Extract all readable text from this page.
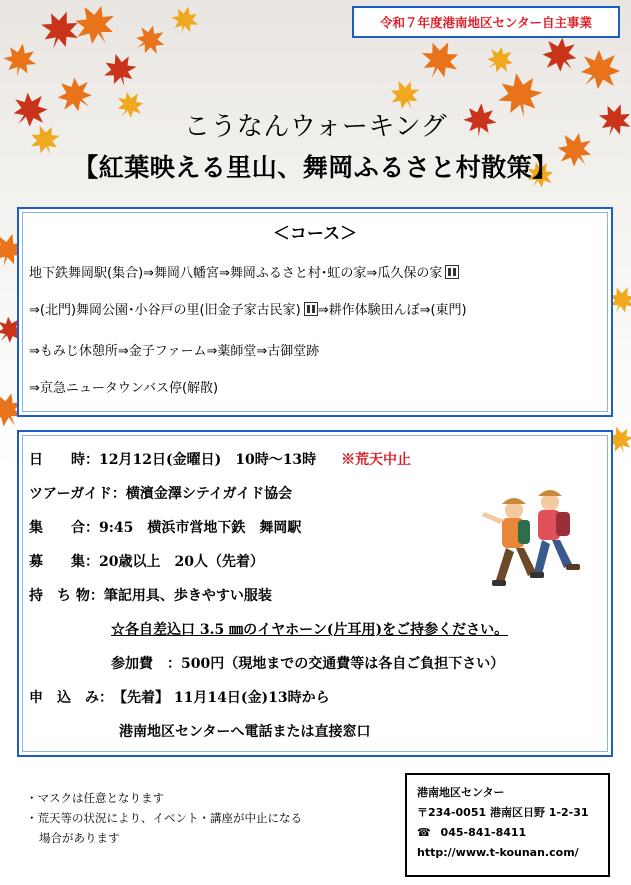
令和７年度港南地区センター自主事業
こうなんウォーキング
【紅葉映える里山、舞岡ふるさと村散策】
＜コース＞
地下鉄舞岡駅(集合)⇒舞岡八幡宮⇒舞岡ふるさと村･虹の家⇒瓜久保の家
⇒(北門)舞岡公園･小谷戸の里(旧金子家古民家) ⇒耕作体験田んぼ⇒(東門)
⇒もみじ休憩所⇒金子ファーム⇒薬師堂⇒古御堂跡
⇒京急ニュータウンバス停(解散)
日　　時：12月12日(金曜日)　10時～13時 ※荒天中止
ツアーガイド：横濱金澤シテイガイド協会
集　　合：9:45　横浜市営地下鉄　舞岡駅
募　　集：20歳以上　20人（先着）
持　ち 物：筆記用具、歩きやすい服装
☆各自差込口 3.5 ㎜のイヤホーン(片耳用)をご持参ください。
参加費　：500円（現地までの交通費等は各自ご負担下さい）
申　込　み：【先着】 11月14日(金)13時から
港南地区センターへ電話または直接窓口
・マスクは任意となります
・荒天等の状況により、イベント・講座が中止になる
場合があります
港南地区センター
〒234-0051 港南区日野 1-2-31
☎ 045-841-8411
http://www.t-kounan.com/
